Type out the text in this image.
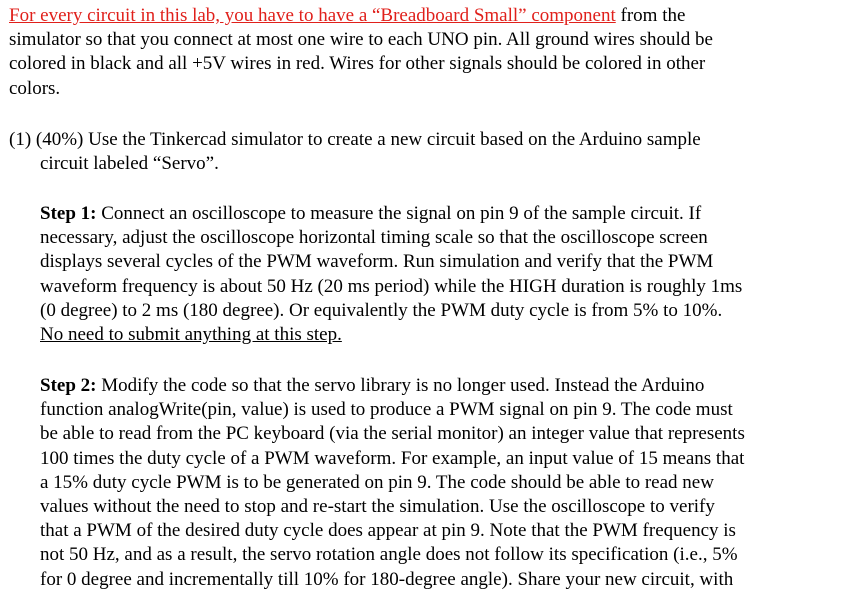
For every circuit in this lab, you have to have a “Breadboard Small” component from the
simulator so that you connect at most one wire to each UNO pin. All ground wires should be
colored in black and all +5V wires in red. Wires for other signals should be colored in other
colors.
(1) (40%) Use the Tinkercad simulator to create a new circuit based on the Arduino sample
circuit labeled “Servo”.
Step 1: Connect an oscilloscope to measure the signal on pin 9 of the sample circuit. If
necessary, adjust the oscilloscope horizontal timing scale so that the oscilloscope screen
displays several cycles of the PWM waveform. Run simulation and verify that the PWM
waveform frequency is about 50 Hz (20 ms period) while the HIGH duration is roughly 1ms
(0 degree) to 2 ms (180 degree). Or equivalently the PWM duty cycle is from 5% to 10%.
No need to submit anything at this step.
Step 2: Modify the code so that the servo library is no longer used. Instead the Arduino
function analogWrite(pin, value) is used to produce a PWM signal on pin 9. The code must
be able to read from the PC keyboard (via the serial monitor) an integer value that represents
100 times the duty cycle of a PWM waveform. For example, an input value of 15 means that
a 15% duty cycle PWM is to be generated on pin 9. The code should be able to read new
values without the need to stop and re-start the simulation. Use the oscilloscope to verify
that a PWM of the desired duty cycle does appear at pin 9. Note that the PWM frequency is
not 50 Hz, and as a result, the servo rotation angle does not follow its specification (i.e., 5%
for 0 degree and incrementally till 10% for 180-degree angle). Share your new circuit, with
